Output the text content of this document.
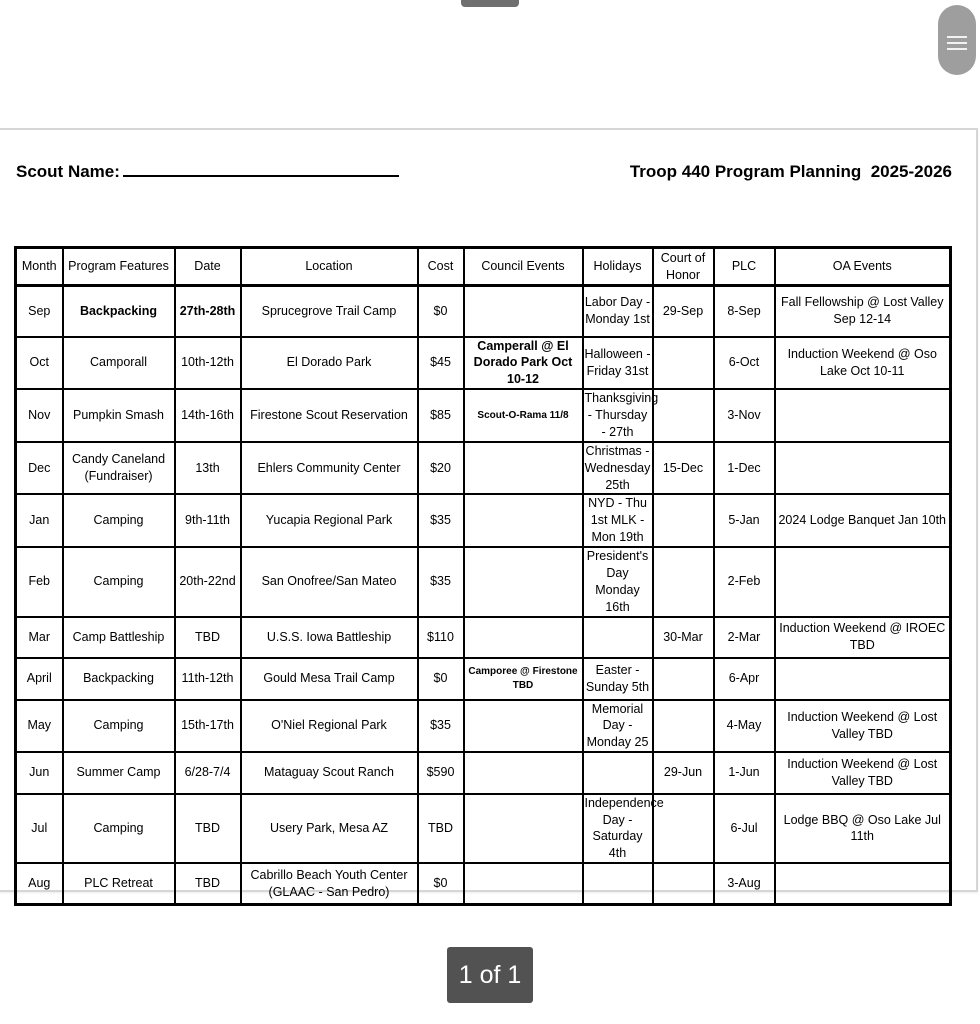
Scout Name:	Troop 440 Program Planning  2025-2026
Month	Program Features	Date	Location	Cost	Council Events	Holidays	Court of Honor	PLC	OA Events
Sep	Backpacking	27th-28th	Sprucegrove Trail Camp	$0		Labor Day - Monday 1st	29-Sep	8-Sep	Fall Fellowship @ Lost Valley Sep 12-14
Oct	Camporall	10th-12th	El Dorado Park	$45	Camperall @ El Dorado Park Oct 10-12	Halloween - Friday 31st		6-Oct	Induction Weekend @ Oso Lake Oct 10-11
Nov	Pumpkin Smash	14th-16th	Firestone Scout Reservation	$85	Scout-O-Rama 11/8	Thanksgiving - Thursday - 27th		3-Nov	
Dec	Candy Caneland (Fundraiser)	13th	Ehlers Community Center	$20		Christmas - Wednesday 25th	15-Dec	1-Dec	
Jan	Camping	9th-11th	Yucapia Regional Park	$35		NYD - Thu 1st MLK - Mon 19th		5-Jan	2024 Lodge Banquet Jan 10th
Feb	Camping	20th-22nd	San Onofree/San Mateo	$35		President's Day Monday 16th		2-Feb	
Mar	Camp Battleship	TBD	U.S.S. Iowa Battleship	$110			30-Mar	2-Mar	Induction Weekend @ IROEC TBD
April	Backpacking	11th-12th	Gould Mesa Trail Camp	$0	Camporee @ Firestone TBD	Easter - Sunday 5th		6-Apr	
May	Camping	15th-17th	O'Niel Regional Park	$35		Memorial Day - Monday 25		4-May	Induction Weekend @ Lost Valley TBD
Jun	Summer Camp	6/28-7/4	Mataguay Scout Ranch	$590			29-Jun	1-Jun	Induction Weekend @ Lost Valley TBD
Jul	Camping	TBD	Usery Park, Mesa AZ	TBD		Independence Day - Saturday 4th		6-Jul	Lodge BBQ @ Oso Lake Jul 11th
Aug	PLC Retreat	TBD	Cabrillo Beach Youth Center (GLAAC - San Pedro)	$0				3-Aug	
1 of 1
